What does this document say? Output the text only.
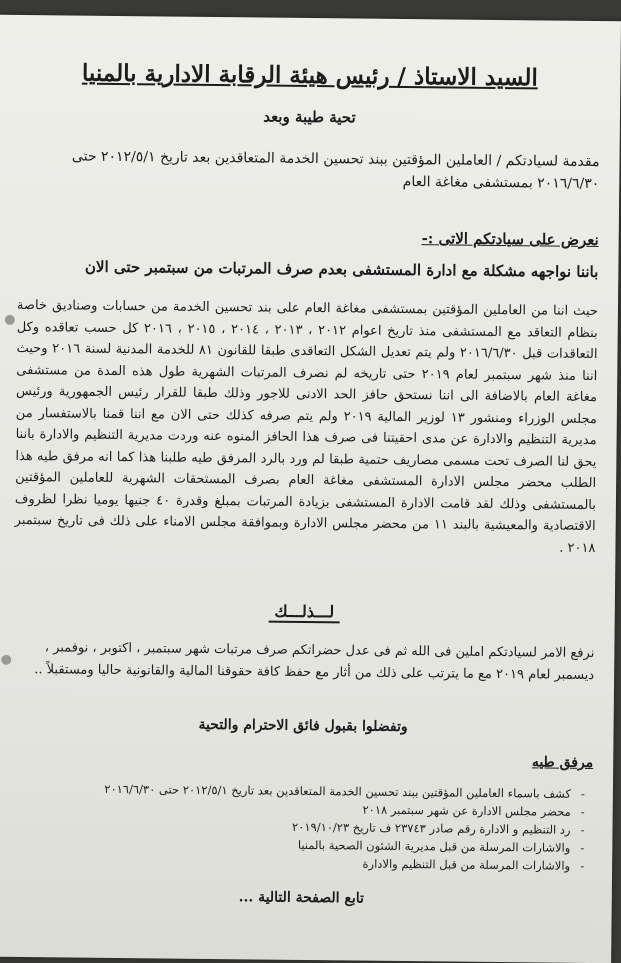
السيد الاستاذ / رئيس هيئة الرقابة الادارية بالمنيا
تحية طيبة وبعد
مقدمة لسيادتكم / العاملين المؤقتين ببند تحسين الخدمة المتعاقدين بعد تاريخ ٢٠١٢/٥/١ حتى ٢٠١٦/٦/٣٠ بمستشفى مغاغة العام
نعرض على سيادتكم الاتى :-
باننا نواجهه مشكلة مع ادارة المستشفى بعدم صرف المرتبات من سبتمبر حتى الان

حيث اننا من العاملين المؤقتين بمستشفى مغاغة العام على بند تحسين الخدمة من حسابات وصناديق خاصة بنظام التعاقد مع المستشفى منذ تاريخ اعوام ٢٠١٢ ، ٢٠١٣ ، ٢٠١٤ ، ٢٠١٥ ، ٢٠١٦ كل حسب تعاقده وكل التعاقدات قبل ٢٠١٦/٦/٣٠ ولم يتم تعديل الشكل التعاقدى طبقا للقانون ٨١ للخدمة المدنية لسنة ٢٠١٦ وحيث اننا منذ شهر سبتمبر لعام ٢٠١٩ حتى تاريخه لم نصرف المرتبات الشهرية طول هذه المدة من مستشفى مغاغة العام بالاضافة الى اننا نستحق حافز الحد الادنى للاجور وذلك طبقا للقرار رئيس الجمهورية ورئيس مجلس الوزراء ومنشور ١٣ لوزير المالية ٢٠١٩ ولم يتم صرفه كذلك حتى الان مع اننا قمنا بالاستفسار من مديرية التنظيم والادارة عن مدى احقيتنا فى صرف هذا الحافز المنوه عنه وردت مديرية التنظيم والادارة باننا يحق لنا الصرف تحت مسمى مصاريف حتمية طبقا لم ورد بالرد المرفق طيه طلبنا هذا كما انه مرفق طيه هذا الطلب محضر مجلس الادارة المستشفى مغاغة العام بصرف المستحقات الشهرية للعاملين المؤقتين بالمستشفى وذلك لقد قامت الادارة المستشفى بزيادة المرتبات بمبلغ وقدرة ٤٠ جنيها يوميا نظرا لظروف الاقتصادية والمعيشية بالبند ١١ من محضر مجلس الادارة وبموافقة مجلس الامناء على ذلك فى تاريخ سبتمبر ٢٠١٨ .

لـــذلـــك
نرفع الامر لسيادتكم املين فى الله ثم فى عدل حضراتكم صرف مرتبات شهر سبتمبر ، اكتوبر ، نوفمبر ، ديسمبر لعام ٢٠١٩ مع ما يترتب على ذلك من أثار مع حفظ كافة حقوقنا المالية والقانونية حاليا ومستقبلاً ..
وتفضلوا بقبول فائق الاحترام والتحية
مرفق طيه
- كشف باسماء العاملين المؤقتين ببند تحسين الخدمة المتعاقدين بعد تاريخ ٢٠١٢/٥/١ حتى ٢٠١٦/٦/٣٠
- محضر مجلس الادارة عن شهر سبتمبر ٢٠١٨
- رد التنظيم و الادارة رقم صادر ٢٣٧٤٣ ف تاريخ ٢٠١٩/١٠/٢٣
- والاشارات المرسلة من قبل مديرية الشئون الصحية بالمنيا
- والاشارات المرسلة من قبل التنظيم والادارة
تابع الصفحة التالية ...
